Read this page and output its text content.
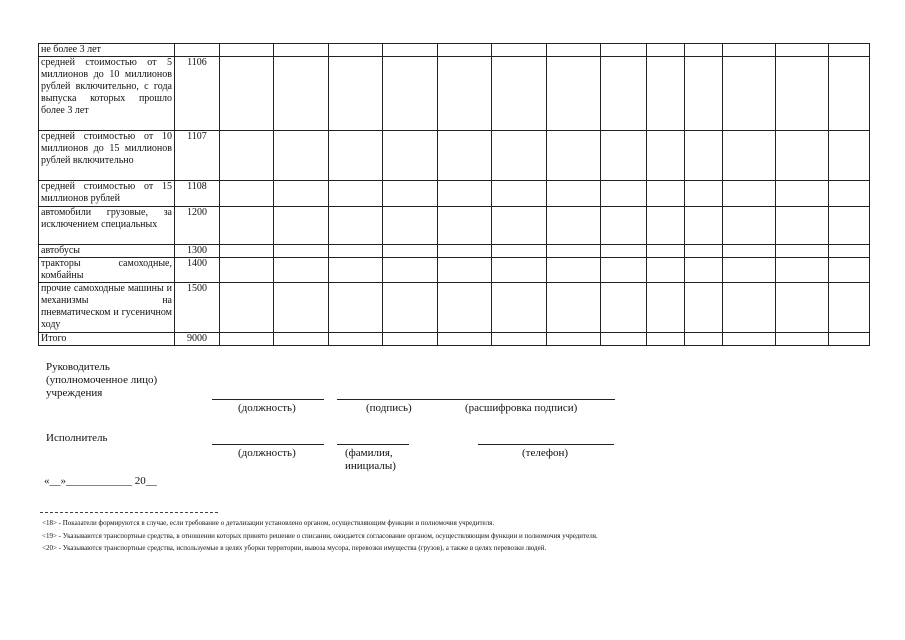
не более 3 лет														
средней стоимостью от 5 миллионов до 10 миллионов рублей включительно, с года выпуска которых прошло более 3 лет	1106													
средней стоимостью от 10 миллионов до 15 миллионов рублей включительно	1107													
средней стоимостью от 15 миллионов рублей	1108													
автомобили грузовые, за исключением специальных	1200													
автобусы	1300													
тракторы самоходные, комбайны	1400													
прочие самоходные машины и механизмы на пневматическом и гусеничном ходу	1500													
Итого	9000													
Руководитель
(уполномоченное лицо)
учреждения
(должность)	(подпись)	(расшифровка подписи)
Исполнитель
(должность)	(фамилия,
инициалы)
(телефон)
«__»____________ 20__
<18> - Показатели формируются в случае, если требование о детализации установлено органом, осуществляющим функции и полномочия учредителя.
<19> - Указываются транспортные средства, в отношении которых принято решение о списании, ожидается согласование органом, осуществляющим функции и полномочия учредителя.
<20> - Указываются транспортные средства, используемые в целях уборки территории, вывоза мусора, перевозки имущества (грузов), а также в целях перевозки людей.
